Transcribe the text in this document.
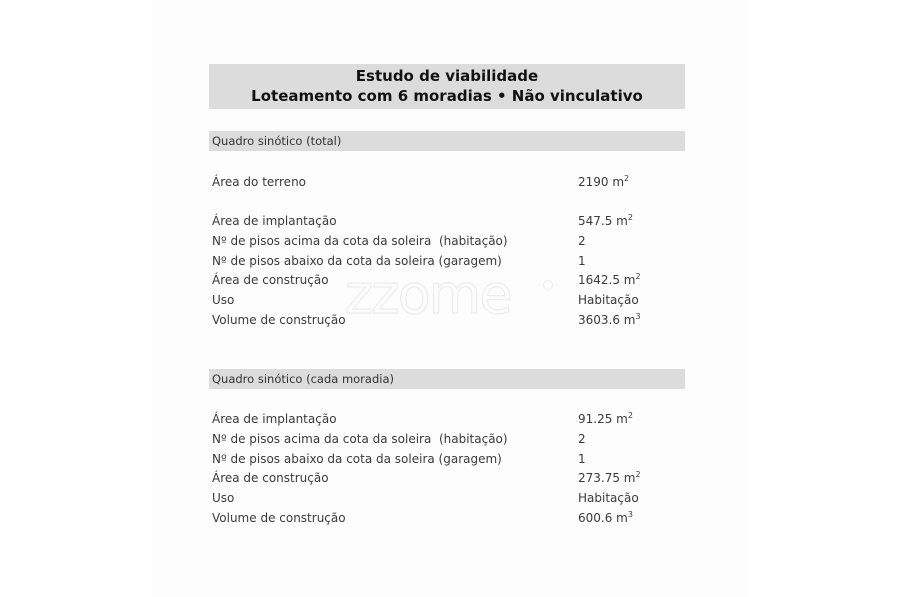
Estudo de viabilidade
Loteamento com 6 moradias • Não vinculativo
zzome
Quadro sinótico (total)
Área do terreno	2190 $m^2$
Área de implantação	547.5 $m^2$
Nº de pisos acima da cota da soleira  (habitação)	2
Nº de pisos abaixo da cota da soleira (garagem)	1
Área de construção	1642.5 $m^2$
Uso	Habitação
Volume de construção	3603.6 $m^3$
Quadro sinótico (cada moradia)
Área de implantação	91.25 $m^2$
Nº de pisos acima da cota da soleira  (habitação)	2
Nº de pisos abaixo da cota da soleira (garagem)	1
Área de construção	273.75 $m^2$
Uso	Habitação
Volume de construção	600.6 $m^3$
